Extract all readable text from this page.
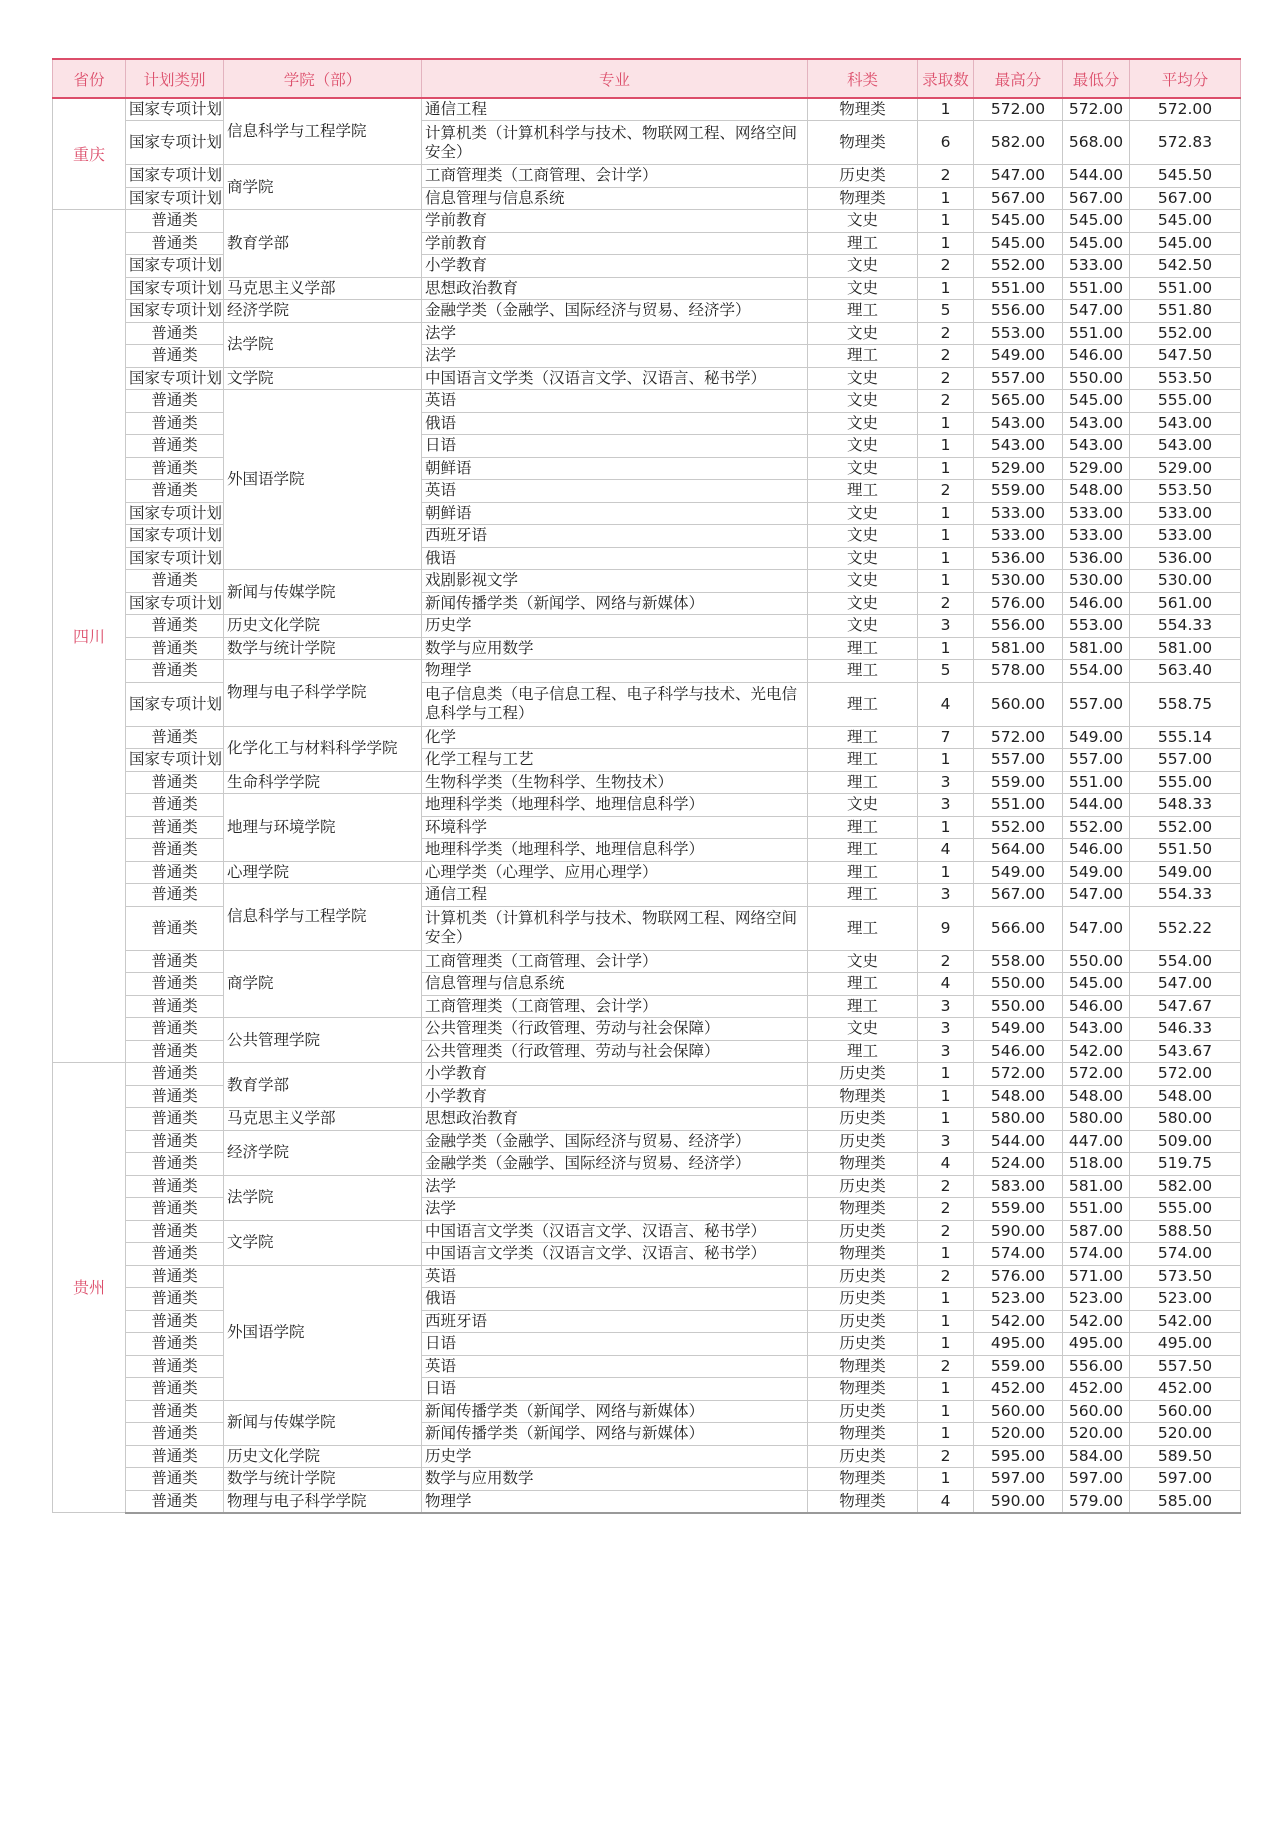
省份	计划类别	学院（部）	专业	科类	录取数	最高分	最低分	平均分
重庆	国家专项计划	信息科学与工程学院	通信工程	物理类	1	572.00	572.00	572.00
	国家专项计划		计算机类（计算机科学与技术、物联网工程、网络空间安全）	物理类	6	582.00	568.00	572.83
	国家专项计划	商学院	工商管理类（工商管理、会计学）	历史类	2	547.00	544.00	545.50
	国家专项计划		信息管理与信息系统	物理类	1	567.00	567.00	567.00
四川	普通类	教育学部	学前教育	文史	1	545.00	545.00	545.00
	普通类		学前教育	理工	1	545.00	545.00	545.00
	国家专项计划		小学教育	文史	2	552.00	533.00	542.50
	国家专项计划	马克思主义学部	思想政治教育	文史	1	551.00	551.00	551.00
	国家专项计划	经济学院	金融学类（金融学、国际经济与贸易、经济学）	理工	5	556.00	547.00	551.80
	普通类	法学院	法学	文史	2	553.00	551.00	552.00
	普通类		法学	理工	2	549.00	546.00	547.50
	国家专项计划	文学院	中国语言文学类（汉语言文学、汉语言、秘书学）	文史	2	557.00	550.00	553.50
	普通类	外国语学院	英语	文史	2	565.00	545.00	555.00
	普通类		俄语	文史	1	543.00	543.00	543.00
	普通类		日语	文史	1	543.00	543.00	543.00
	普通类		朝鲜语	文史	1	529.00	529.00	529.00
	普通类		英语	理工	2	559.00	548.00	553.50
	国家专项计划		朝鲜语	文史	1	533.00	533.00	533.00
	国家专项计划		西班牙语	文史	1	533.00	533.00	533.00
	国家专项计划		俄语	文史	1	536.00	536.00	536.00
	普通类	新闻与传媒学院	戏剧影视文学	文史	1	530.00	530.00	530.00
	国家专项计划		新闻传播学类（新闻学、网络与新媒体）	文史	2	576.00	546.00	561.00
	普通类	历史文化学院	历史学	文史	3	556.00	553.00	554.33
	普通类	数学与统计学院	数学与应用数学	理工	1	581.00	581.00	581.00
	普通类	物理与电子科学学院	物理学	理工	5	578.00	554.00	563.40
	国家专项计划		电子信息类（电子信息工程、电子科学与技术、光电信息科学与工程）	理工	4	560.00	557.00	558.75
	普通类	化学化工与材料科学学院	化学	理工	7	572.00	549.00	555.14
	国家专项计划		化学工程与工艺	理工	1	557.00	557.00	557.00
	普通类	生命科学学院	生物科学类（生物科学、生物技术）	理工	3	559.00	551.00	555.00
	普通类	地理与环境学院	地理科学类（地理科学、地理信息科学）	文史	3	551.00	544.00	548.33
	普通类		环境科学	理工	1	552.00	552.00	552.00
	普通类		地理科学类（地理科学、地理信息科学）	理工	4	564.00	546.00	551.50
	普通类	心理学院	心理学类（心理学、应用心理学）	理工	1	549.00	549.00	549.00
	普通类	信息科学与工程学院	通信工程	理工	3	567.00	547.00	554.33
	普通类		计算机类（计算机科学与技术、物联网工程、网络空间安全）	理工	9	566.00	547.00	552.22
	普通类	商学院	工商管理类（工商管理、会计学）	文史	2	558.00	550.00	554.00
	普通类		信息管理与信息系统	理工	4	550.00	545.00	547.00
	普通类		工商管理类（工商管理、会计学）	理工	3	550.00	546.00	547.67
	普通类	公共管理学院	公共管理类（行政管理、劳动与社会保障）	文史	3	549.00	543.00	546.33
	普通类		公共管理类（行政管理、劳动与社会保障）	理工	3	546.00	542.00	543.67
贵州	普通类	教育学部	小学教育	历史类	1	572.00	572.00	572.00
	普通类		小学教育	物理类	1	548.00	548.00	548.00
	普通类	马克思主义学部	思想政治教育	历史类	1	580.00	580.00	580.00
	普通类	经济学院	金融学类（金融学、国际经济与贸易、经济学）	历史类	3	544.00	447.00	509.00
	普通类		金融学类（金融学、国际经济与贸易、经济学）	物理类	4	524.00	518.00	519.75
	普通类	法学院	法学	历史类	2	583.00	581.00	582.00
	普通类		法学	物理类	2	559.00	551.00	555.00
	普通类	文学院	中国语言文学类（汉语言文学、汉语言、秘书学）	历史类	2	590.00	587.00	588.50
	普通类		中国语言文学类（汉语言文学、汉语言、秘书学）	物理类	1	574.00	574.00	574.00
	普通类	外国语学院	英语	历史类	2	576.00	571.00	573.50
	普通类		俄语	历史类	1	523.00	523.00	523.00
	普通类		西班牙语	历史类	1	542.00	542.00	542.00
	普通类		日语	历史类	1	495.00	495.00	495.00
	普通类		英语	物理类	2	559.00	556.00	557.50
	普通类		日语	物理类	1	452.00	452.00	452.00
	普通类	新闻与传媒学院	新闻传播学类（新闻学、网络与新媒体）	历史类	1	560.00	560.00	560.00
	普通类		新闻传播学类（新闻学、网络与新媒体）	物理类	1	520.00	520.00	520.00
	普通类	历史文化学院	历史学	历史类	2	595.00	584.00	589.50
	普通类	数学与统计学院	数学与应用数学	物理类	1	597.00	597.00	597.00
	普通类	物理与电子科学学院	物理学	物理类	4	590.00	579.00	585.00
